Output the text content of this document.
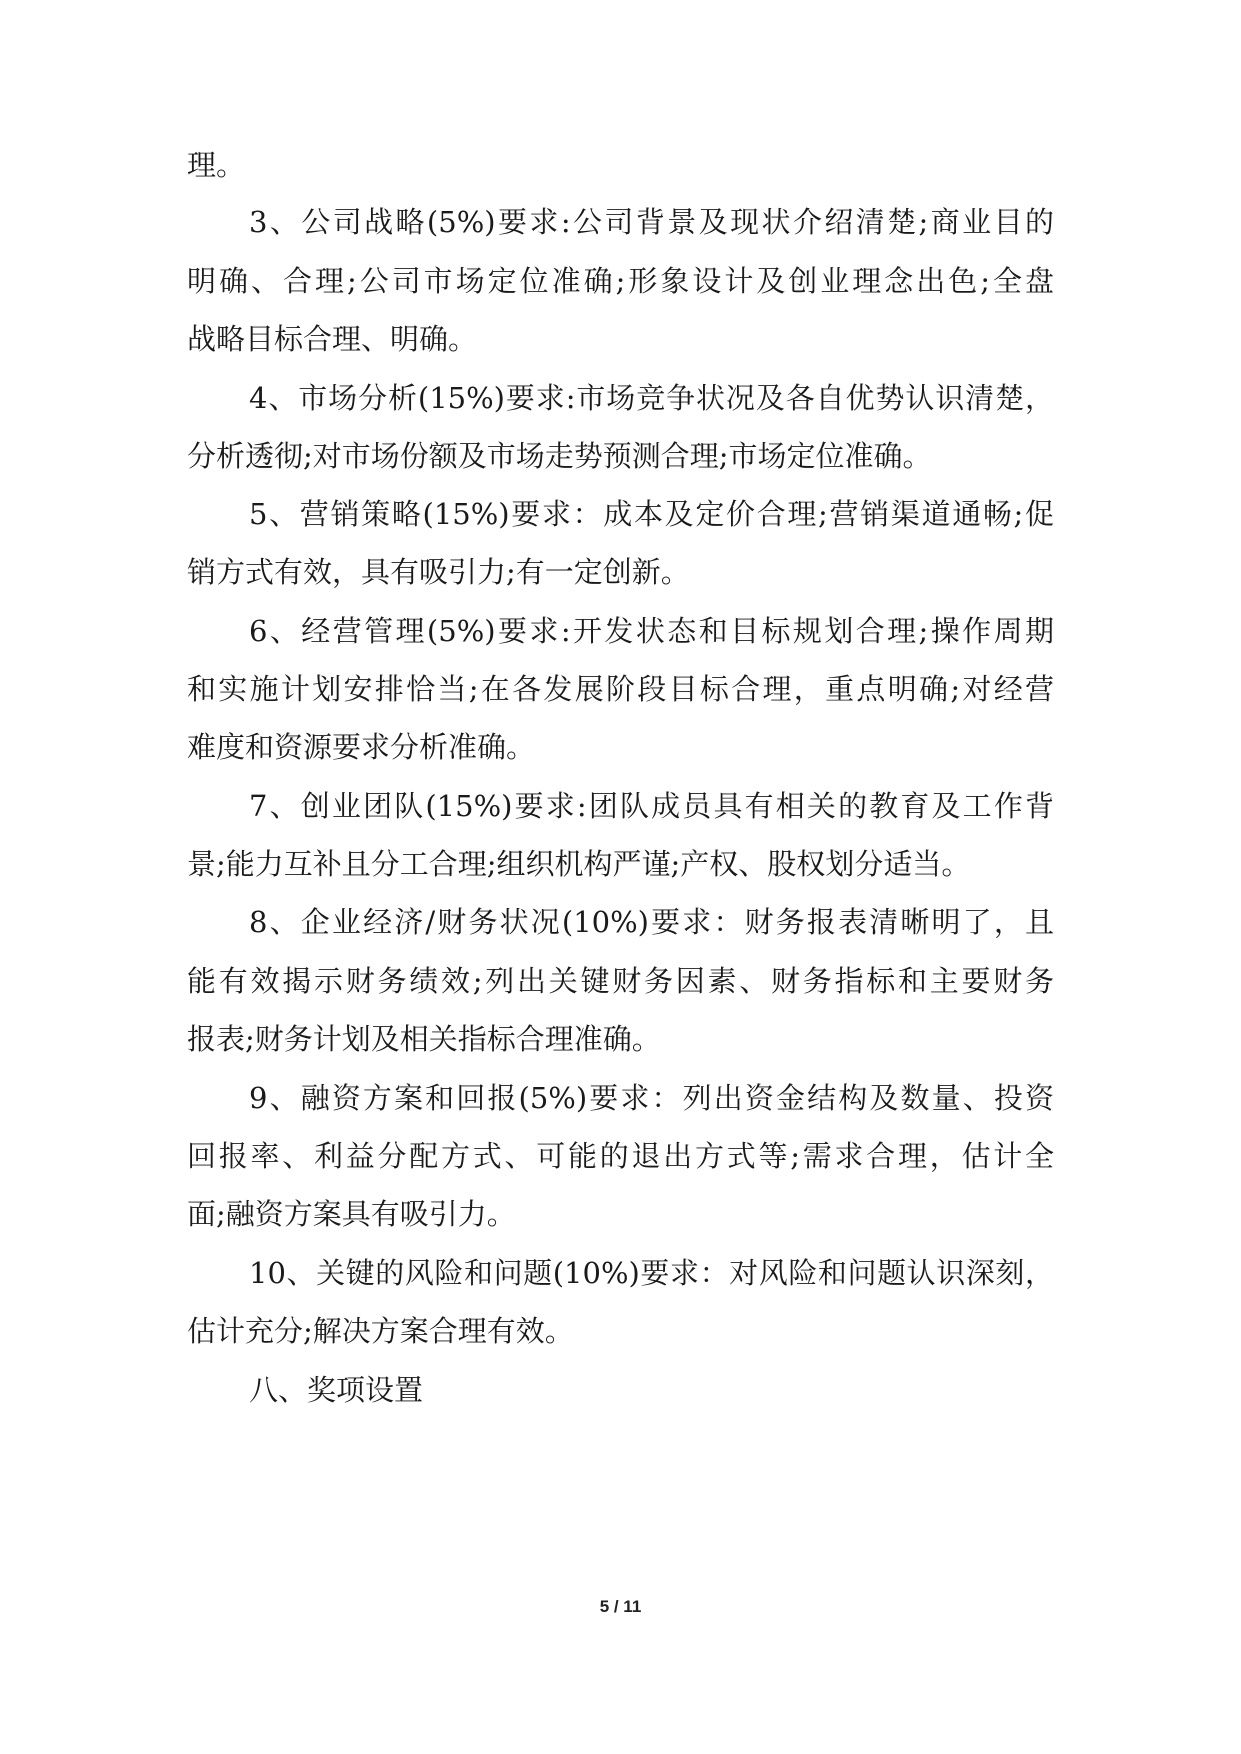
理。
3、公司战略(5%)要求:公司背景及现状介绍清楚;商业目的
明确、合理;公司市场定位准确;形象设计及创业理念出色;全盘
战略目标合理、明确。
4、市场分析(15%)要求:市场竞争状况及各自优势认识清楚，
分析透彻;对市场份额及市场走势预测合理;市场定位准确。
5、营销策略(15%)要求：成本及定价合理;营销渠道通畅;促
销方式有效，具有吸引力;有一定创新。
6、经营管理(5%)要求:开发状态和目标规划合理;操作周期
和实施计划安排恰当;在各发展阶段目标合理，重点明确;对经营
难度和资源要求分析准确。
7、创业团队(15%)要求:团队成员具有相关的教育及工作背
景;能力互补且分工合理;组织机构严谨;产权、股权划分适当。
8、企业经济/财务状况(10%)要求：财务报表清晰明了，且
能有效揭示财务绩效;列出关键财务因素、财务指标和主要财务
报表;财务计划及相关指标合理准确。
9、融资方案和回报(5%)要求：列出资金结构及数量、投资
回报率、利益分配方式、可能的退出方式等;需求合理，估计全
面;融资方案具有吸引力。
10、关键的风险和问题(10%)要求：对风险和问题认识深刻，
估计充分;解决方案合理有效。
八、奖项设置
5 / 11
